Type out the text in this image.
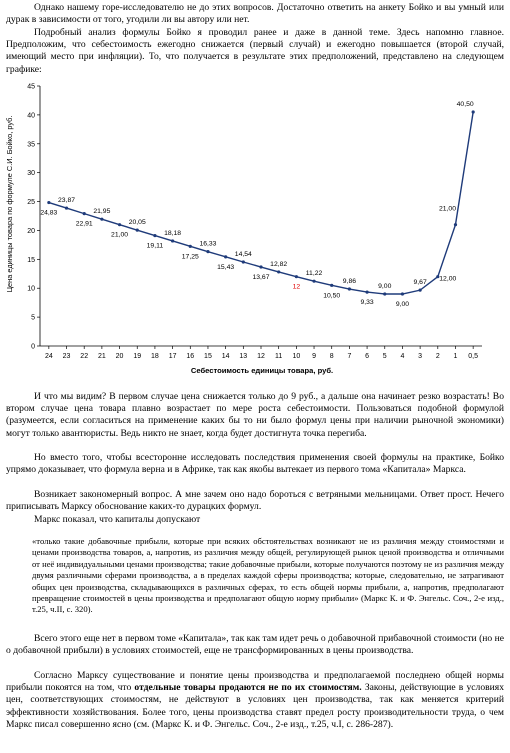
Однако нашему горе-исследователю не до этих вопросов. Достаточно ответить на анкету Бойко и вы умный или дурак в зависимости от того, угодили ли вы автору или нет.

Подробный анализ формулы Бойко я проводил ранее и даже в данной теме. Здесь напомню главное. Предположим, что себестоимость ежегодно снижается (первый случай) и ежегодно повышается (второй случай, имеющий место при инфляции). То, что получается в результате этих предположений, представлено на следующем графике:

0
5
10
15
20
25
30
35
40
45
24 23 22 21 20 19 18 17 16 15 14 13 12 11 10 9 8 7 6 5 4 3 2 1 0,5
24,83
23,87
22,91
21,95
21,00
20,05
19,11
18,18
17,25
16,33
15,43
14,54
13,67
12,82
12
11,22
10,50
9,86
9,33
9,00
9,00
9,67 12,00
21,00
40,50
Цена единицы товара по формуле С.И. Бойко, руб.
Себестоимость единицы товара, руб.

И что мы видим? В первом случае цена снижается только до 9 руб., а дальше она начинает резко возрастать! Во втором случае цена товара плавно возрастает по мере роста себестоимости. Пользоваться подобной формулой (разумеется, если согласиться на применение каких бы то ни было формул цены при наличии рыночной экономики) могут только авантюристы. Ведь никто не знает, когда будет достигнута точка перегиба.

Но вместо того, чтобы всесторонне исследовать последствия применения своей формулы на практике, Бойко упрямо доказывает, что формула верна и в Африке, так как якобы вытекает из первого тома «Капитала» Маркса.

Возникает закономерный вопрос. А мне зачем оно надо бороться с ветряными мельницами. Ответ прост. Нечего приписывать Марксу обоснование каких-то дурацких формул.

Маркс показал, что капиталы допускают

«только такие добавочные прибыли, которые при всяких обстоятельствах возникают не из различия между стоимостями и ценами производства товаров, а, напротив, из различия между общей, регулирующей рынок ценой производства и отличными от неё индивидуальными ценами производства; такие добавочные прибыли, которые получаются поэтому не из различия между двумя различными сферами производства, а в пределах каждой сферы производства; которые, следовательно, не затрагивают общих цен производства, складывающихся в различных сферах, то есть общей нормы прибыли, а, напротив, предполагают превращение стоимостей в цены производства и предполагают общую норму прибыли» (Маркс К. и Ф. Энгельс. Соч., 2-е изд., т.25, ч.II, с. 320).

Всего этого еще нет в первом томе «Капитала», так как там идет речь о добавочной прибавочной стоимости (но не о добавочной прибыли) в условиях стоимостей, еще не трансформированных в цены производства.

Согласно Марксу существование и понятие цены производства и предполагаемой последнею общей нормы прибыли покоятся на том, что отдельные товары продаются не по их стоимостям. Законы, действующие в условиях цен, соответствующих стоимостям, не действуют в условиях цен производства, так как меняется критерий эффективности хозяйствования. Более того, цены производства ставят предел росту производительности труда, о чем Маркс писал совершенно ясно (см. (Маркс К. и Ф. Энгельс. Соч., 2-е изд., т.25, ч.I, с. 286-287).
